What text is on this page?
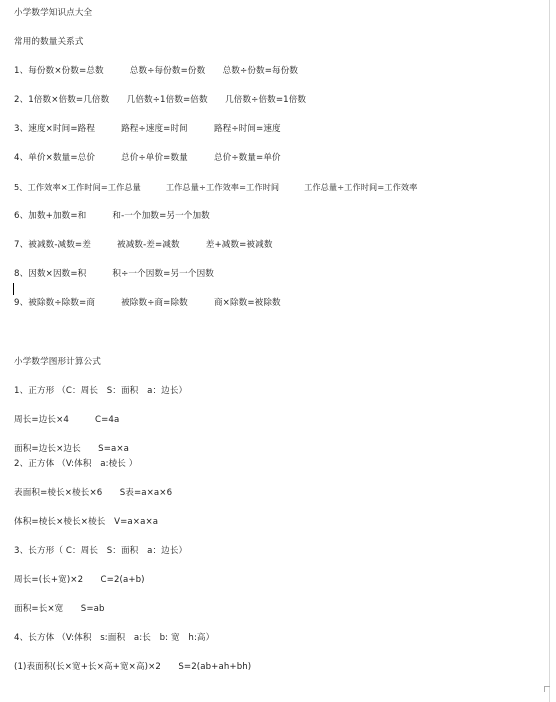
小学数学知识点大全
常用的数量关系式
1、每份数×份数=总数　　　总数÷每份数=份数　　总数÷份数=每份数
2、1倍数×倍数=几倍数　　几倍数÷1倍数=倍数　　几倍数÷倍数=1倍数
3、速度×时间=路程　　　路程÷速度=时间　　　路程÷时间=速度
4、单价×数量=总价　　　总价÷单价=数量　　　总价÷数量=单价
5、工作效率×工作时间=工作总量　　　工作总量÷工作效率=工作时间　　　工作总量÷工作时间=工作效率
6、加数+加数=和　　　和-一个加数=另一个加数
7、被减数-减数=差　　　被减数-差=减数　　　差+减数=被减数
8、因数×因数=积　　　积÷一个因数=另一个因数
9、被除数÷除数=商　　　被除数÷商=除数　　　商×除数=被除数
小学数学图形计算公式
1、正方形 （C：周长　S：面积　a：边长）
周长=边长×4　　　C=4a
面积=边长×边长　　S=a×a
2、正方体 （V:体积　a:棱长 ）
表面积=棱长×棱长×6　　S表=a×a×6
体积=棱长×棱长×棱长　V=a×a×a
3、长方形（ C：周长　S：面积　a：边长）
周长=(长+宽)×2　　C=2(a+b)
面积=长×宽　　S=ab
4、长方体 （V:体积　s:面积　a:长　b: 宽　h:高）
(1)表面积(长×宽+长×高+宽×高)×2　　S=2(ab+ah+bh)
